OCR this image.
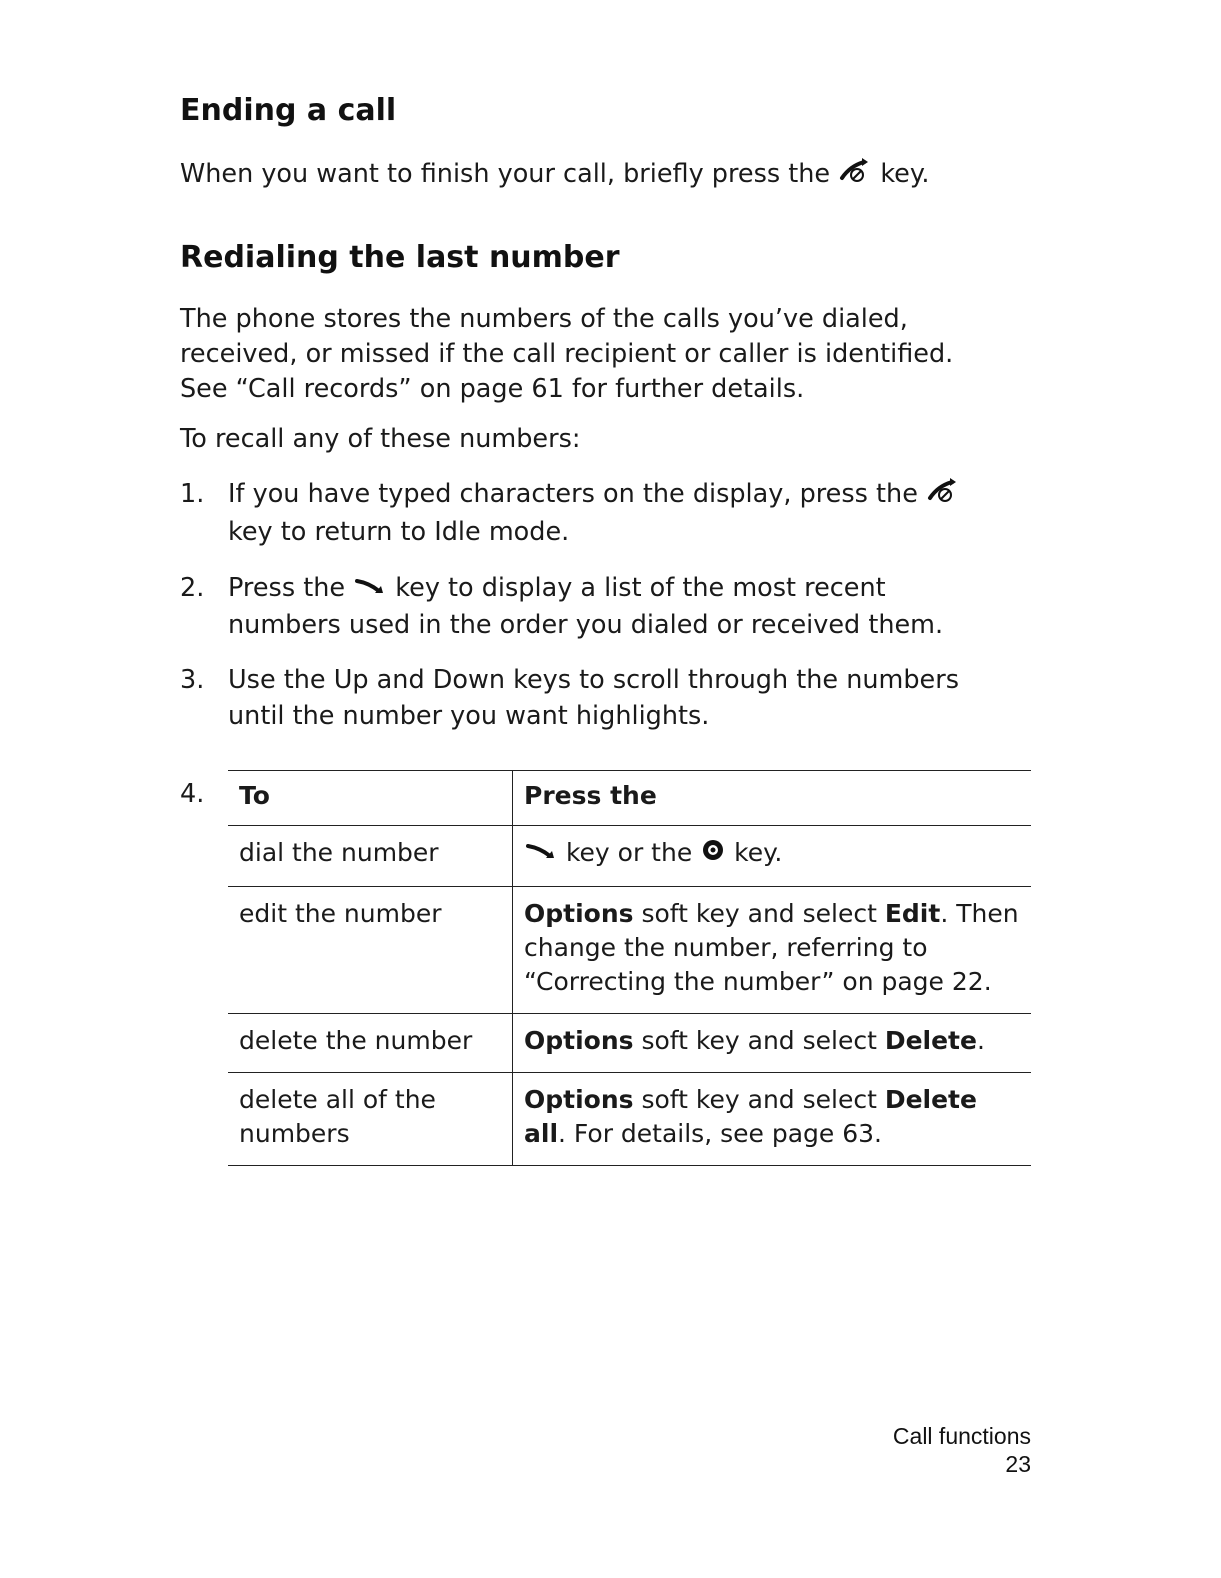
Ending a call

When you want to finish your call, briefly press the key.

Redialing the last number

The phone stores the numbers of the calls you’ve dialed,
received, or missed if the call recipient or caller is identified.
See “Call records” on page 61 for further details.

To recall any of these numbers:

1. If you have typed characters on the display, press the
key to return to Idle mode.
2. Press the key to display a list of the most recent
numbers used in the order you dialed or received them.
3. Use the Up and Down keys to scroll through the numbers
until the number you want highlights.
4. To	Press the
dial the number	key or the key.
edit the number	Options soft key and select Edit. Then change the number, referring to “Correcting the number” on page 22.
delete the number	Options soft key and select Delete.
delete all of the
numbers	Options soft key and select Delete all. For details, see page 63.
Call functions
23
